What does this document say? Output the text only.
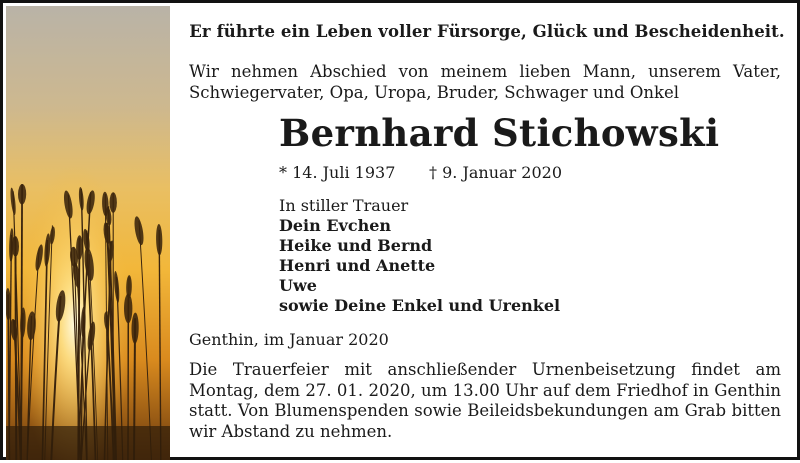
Er führte ein Leben voller Fürsorge, Glück und Bescheidenheit.
Wir nehmen Abschied von meinem lieben Mann, unserem Vater, Schwiegervater, Opa, Uropa, Bruder, Schwager und Onkel
Bernhard Stichowski
* 14. Juli 1937 † 9. Januar 2020
In stiller Trauer
Dein Evchen
Heike und Bernd
Henri und Anette
Uwe
sowie Deine Enkel und Urenkel
Genthin, im Januar 2020
Die Trauerfeier mit anschließender Urnenbeisetzung findet am Montag, dem 27. 01. 2020, um 13.00 Uhr auf dem Friedhof in Genthin statt. Von Blumenspenden sowie Beileidsbekundungen am Grab bitten wir Abstand zu nehmen.
